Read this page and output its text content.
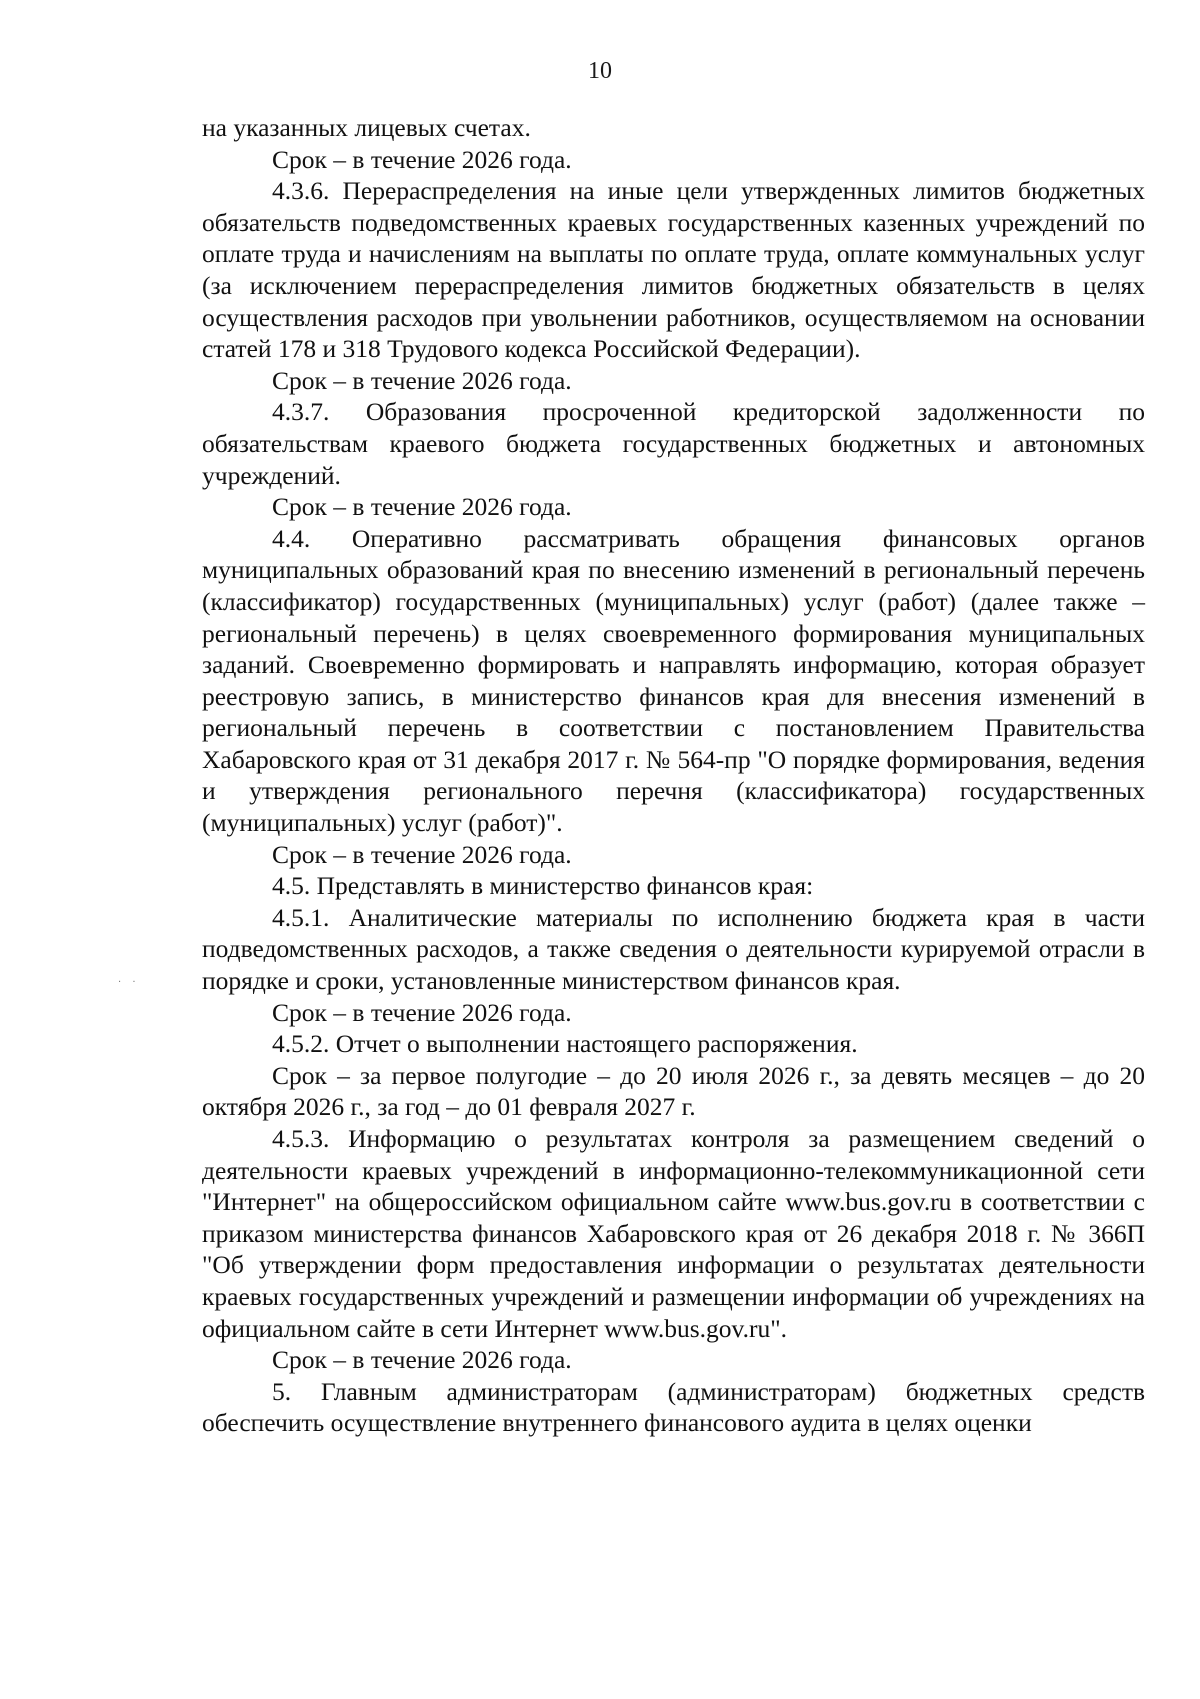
10
· ·

на указанных лицевых счетах.

Срок – в течение 2026 года.

4.3.6. Перераспределения на иные цели утвержденных лимитов бюджетных обязательств подведомственных краевых государственных казенных учреждений по оплате труда и начислениям на выплаты по оплате труда, оплате коммунальных услуг (за исключением перераспределения лимитов бюджетных обязательств в целях осуществления расходов при увольнении работников, осуществляемом на основании статей 178 и 318 Трудового кодекса Российской Федерации).

Срок – в течение 2026 года.

4.3.7. Образования просроченной кредиторской задолженности по обязательствам краевого бюджета государственных бюджетных и автономных учреждений.

Срок – в течение 2026 года.

4.4. Оперативно рассматривать обращения финансовых органов муниципальных образований края по внесению изменений в региональный перечень (классификатор) государственных (муниципальных) услуг (работ) (далее также – региональный перечень) в целях своевременного формирования муниципальных заданий. Своевременно формировать и направлять информацию, которая образует реестровую запись, в министерство финансов края для внесения изменений в региональный перечень в соответствии с постановлением Правительства Хабаровского края от 31 декабря 2017 г. № 564-пр "О порядке формирования, ведения и утверждения регионального перечня (классификатора) государственных (муниципальных) услуг (работ)".

Срок – в течение 2026 года.

4.5. Представлять в министерство финансов края:

4.5.1. Аналитические материалы по исполнению бюджета края в части подведомственных расходов, а также сведения о деятельности курируемой отрасли в порядке и сроки, установленные министерством финансов края.

Срок – в течение 2026 года.

4.5.2. Отчет о выполнении настоящего распоряжения.

Срок – за первое полугодие – до 20 июля 2026 г., за девять месяцев – до 20 октября 2026 г., за год – до 01 февраля 2027 г.

4.5.3. Информацию о результатах контроля за размещением сведений о деятельности краевых учреждений в информационно-телекоммуникационной сети "Интернет" на общероссийском официальном сайте www.bus.gov.ru в соответствии с приказом министерства финансов Хабаровского края от 26 декабря 2018 г. № 366П "Об утверждении форм предоставления информации о результатах деятельности краевых государственных учреждений и размещении информации об учреждениях на официальном сайте в сети Интернет www.bus.gov.ru".

Срок – в течение 2026 года.

5. Главным администраторам (администраторам) бюджетных средств обеспечить осуществление внутреннего финансового аудита в целях оценки
